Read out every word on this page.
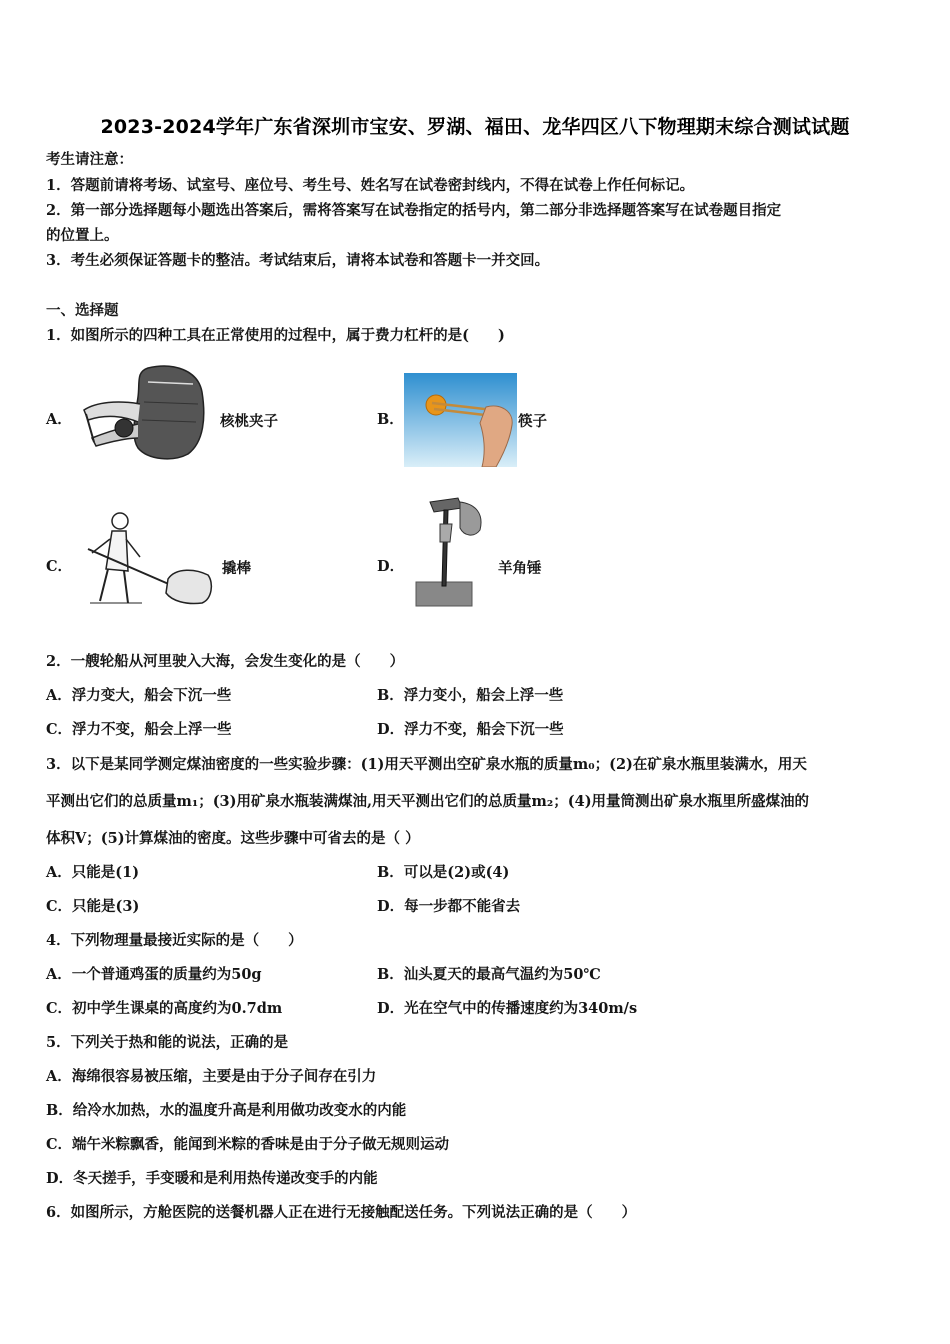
2023-2024学年广东省深圳市宝安、罗湖、福田、龙华四区八下物理期末综合测试试题
考生请注意：
1．答题前请将考场、试室号、座位号、考生号、姓名写在试卷密封线内，不得在试卷上作任何标记。
2．第一部分选择题每小题选出答案后，需将答案写在试卷指定的括号内，第二部分非选择题答案写在试卷题目指定
的位置上。
3．考生必须保证答题卡的整洁。考试结束后，请将本试卷和答题卡一并交回。
一、选择题
1．如图所示的四种工具在正常使用的过程中，属于费力杠杆的是(　　)
A．	核桃夹子	B．	筷子
C．	撬棒	D．	羊角锤
2．一艘轮船从河里驶入大海，会发生变化的是（　　）
A．浮力变大，船会下沉一些	B．浮力变小，船会上浮一些
C．浮力不变，船会上浮一些	D．浮力不变，船会下沉一些
3．以下是某同学测定煤油密度的一些实验步骤：(1)用天平测出空矿泉水瓶的质量m₀；(2)在矿泉水瓶里装满水，用天
平测出它们的总质量m₁；(3)用矿泉水瓶装满煤油,用天平测出它们的总质量m₂；(4)用量筒测出矿泉水瓶里所盛煤油的
体积V；(5)计算煤油的密度。这些步骤中可省去的是（ ）
A．只能是(1)	B．可以是(2)或(4)
C．只能是(3)	D．每一步都不能省去
4．下列物理量最接近实际的是（　　）
A．一个普通鸡蛋的质量约为50g	B．汕头夏天的最高气温约为50℃
C．初中学生课桌的高度约为0.7dm	D．光在空气中的传播速度约为340m/s
5．下列关于热和能的说法，正确的是
A．海绵很容易被压缩，主要是由于分子间存在引力
B．给冷水加热，水的温度升高是利用做功改变水的内能
C．端午米粽飘香，能闻到米粽的香味是由于分子做无规则运动
D．冬天搓手，手变暖和是利用热传递改变手的内能
6．如图所示，方舱医院的送餐机器人正在进行无接触配送任务。下列说法正确的是（　　）
